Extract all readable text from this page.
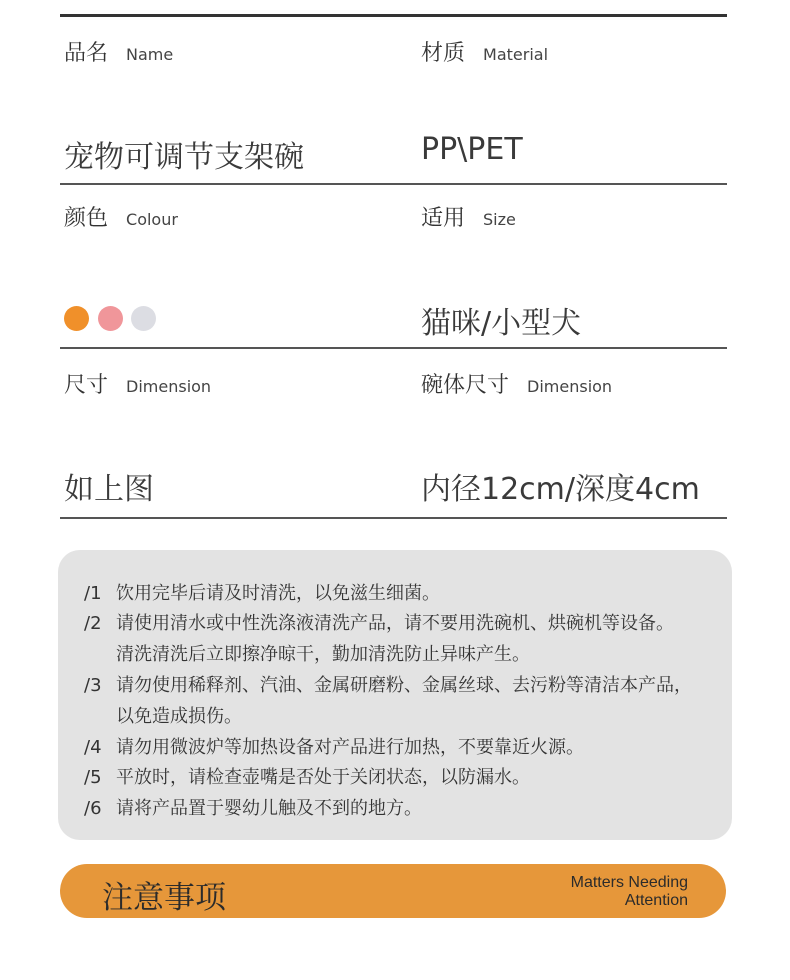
品名 Name
宠物可调节支架碗
材质 Material
PP\PET
颜色 Colour	适用 Size
猫咪/小型犬
尺寸 Dimension
如上图
碗体尺寸 Dimension
内径12cm/深度4cm
/1 饮用完毕后请及时清洗，以免滋生细菌。
/2 请使用清水或中性洗涤液清洗产品，请不要用洗碗机、烘碗机等设备。
清洗清洗后立即擦净晾干，勤加清洗防止异味产生。
/3 请勿使用稀释剂、汽油、金属研磨粉、金属丝球、去污粉等清洁本产品，
以免造成损伤。
/4 请勿用微波炉等加热设备对产品进行加热，不要靠近火源。
/5 平放时，请检查壶嘴是否处于关闭状态，以防漏水。
/6 请将产品置于婴幼儿触及不到的地方。
注意事项	Matters Needing
Attention
